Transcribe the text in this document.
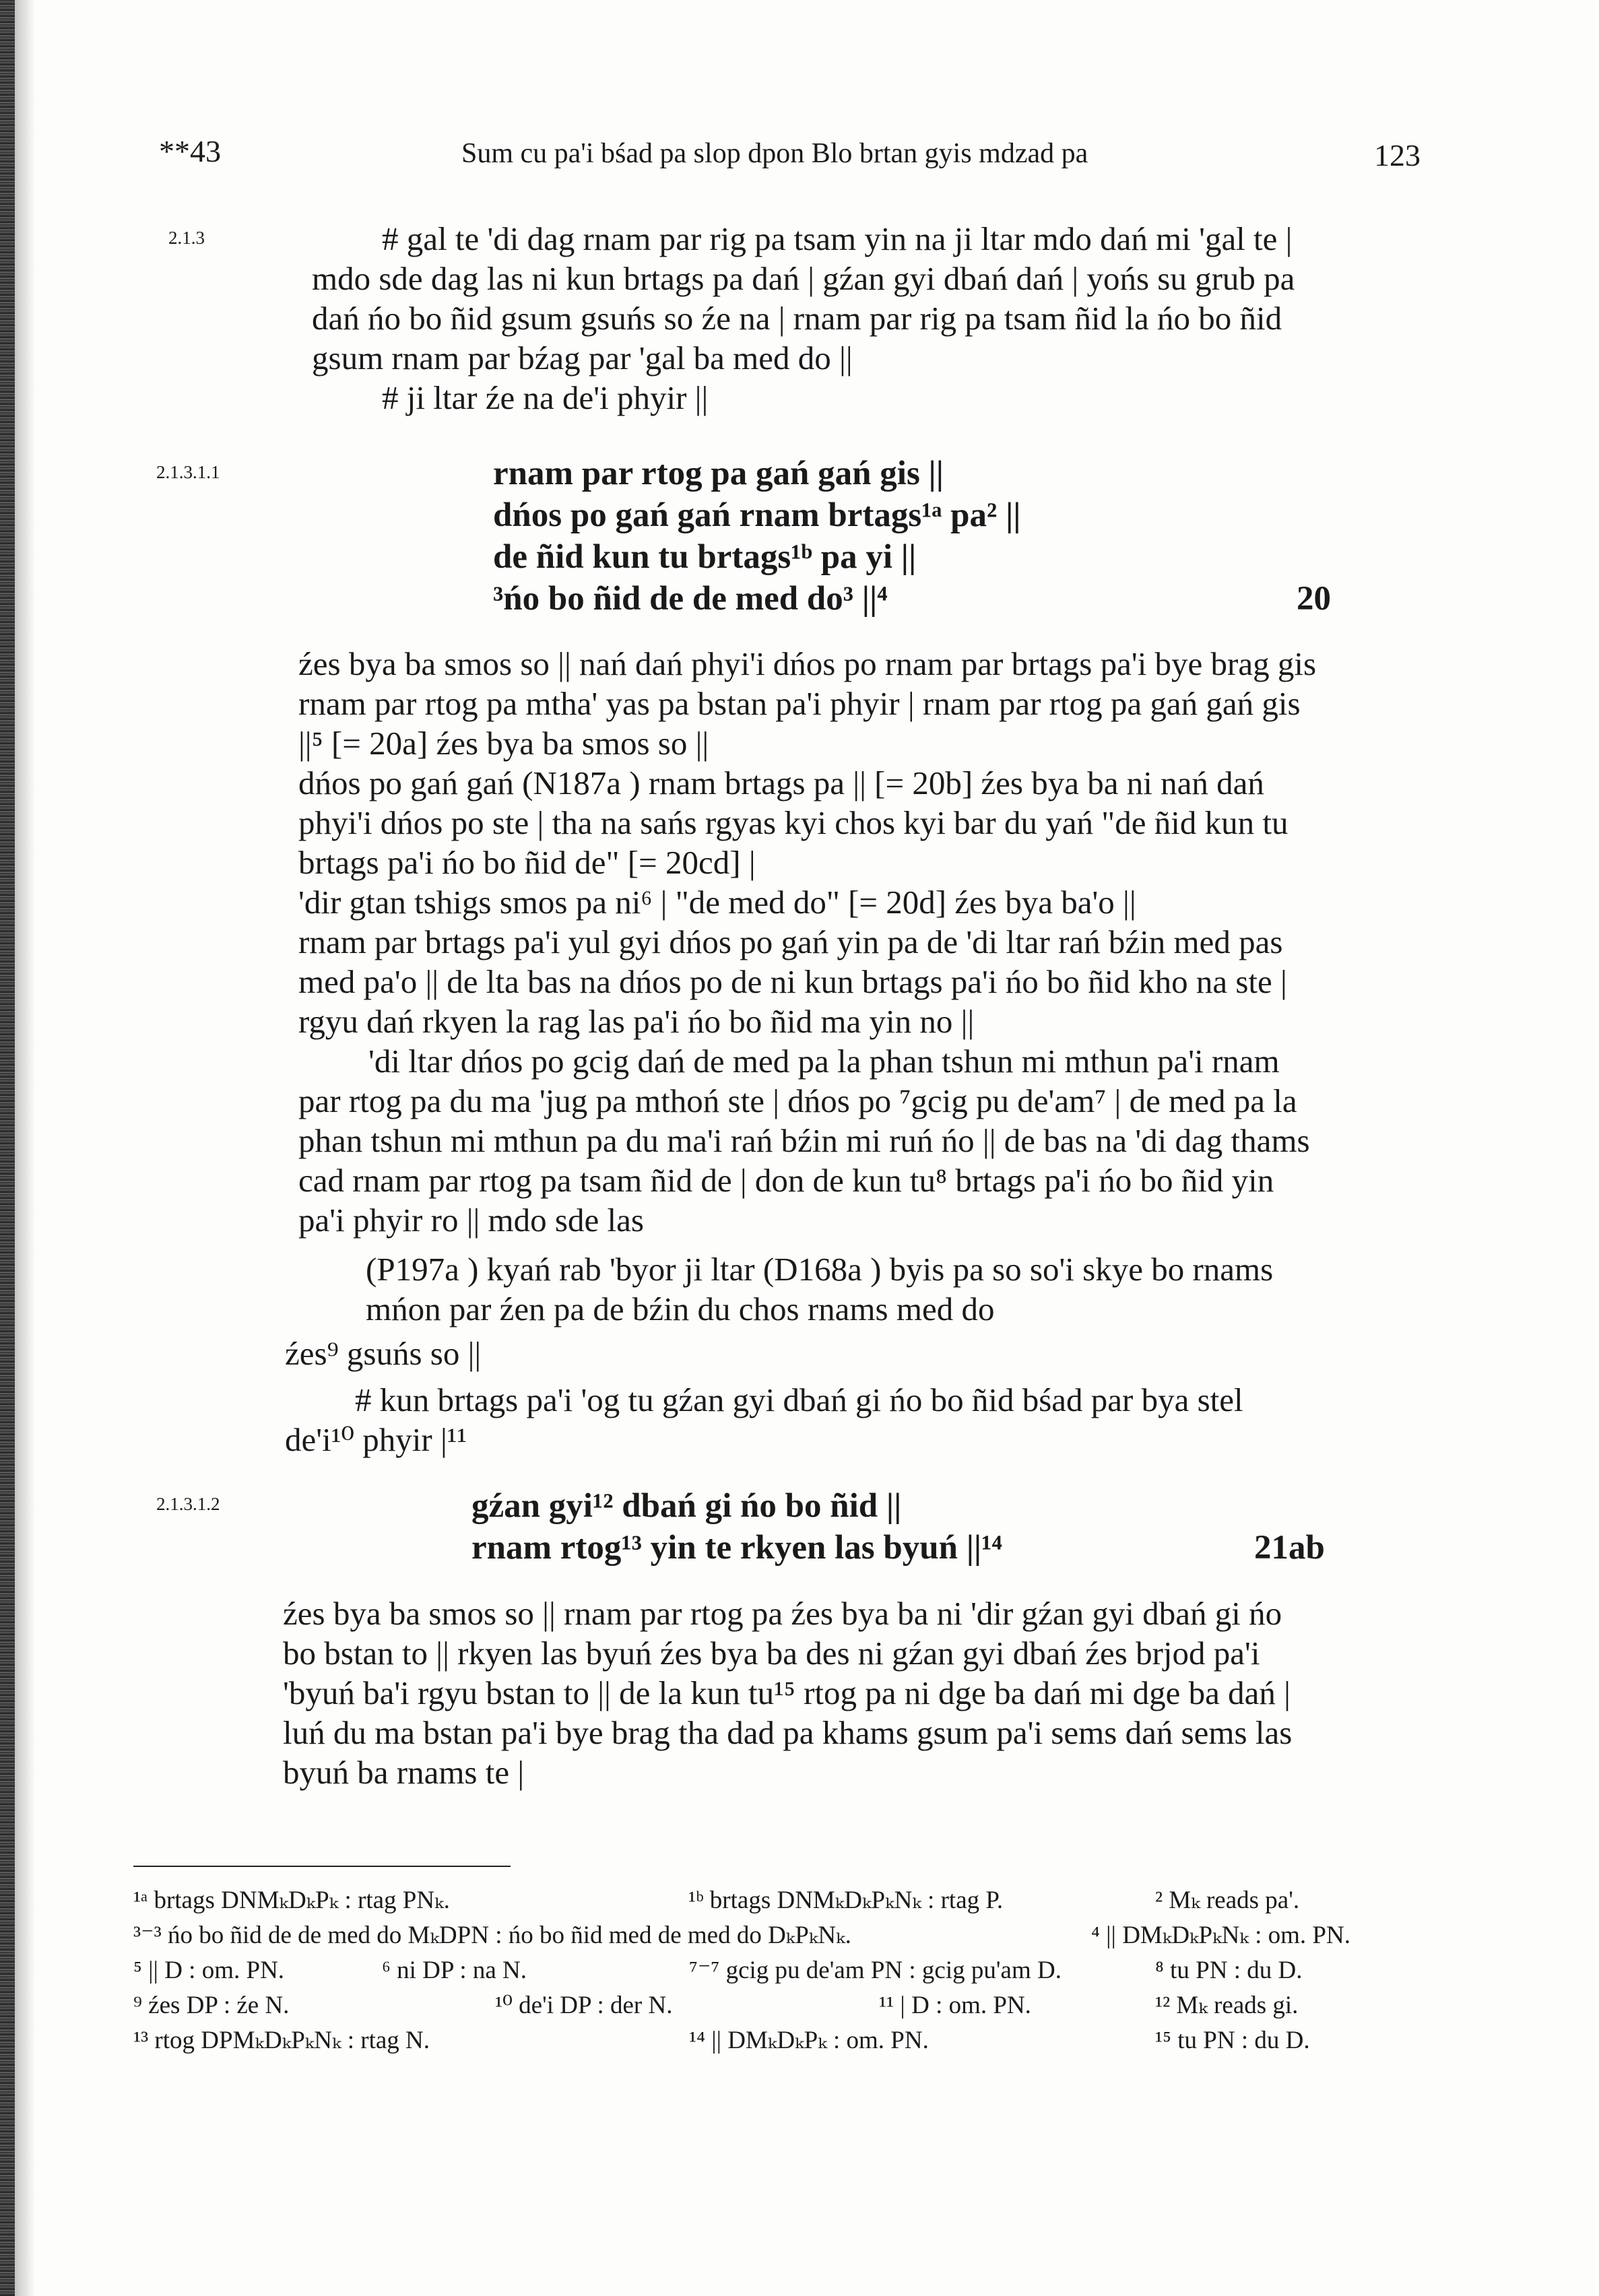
**43	Sum cu pa'i bśad pa slop dpon Blo brtan gyis mdzad pa	123
2.1.3
2.1.3.1.1
2.1.3.1.2

# gal te 'di dag rnam par rig pa tsam yin na ji ltar mdo dań mi 'gal te |

mdo sde dag las ni kun brtags pa dań | gźan gyi dbań dań | yońs su grub pa

dań ńo bo ñid gsum gsuńs so źe na | rnam par rig pa tsam ñid la ńo bo ñid

gsum rnam par bźag par 'gal ba med do ||

# ji ltar źe na de'i phyir ||

rnam par rtog pa gań gań gis ||

dńos po gań gań rnam brtags¹ᵃ pa² ||

de ñid kun tu brtags¹ᵇ pa yi ||

³ńo bo ñid de de med do³ ||⁴	20

źes bya ba smos so || nań dań phyi'i dńos po rnam par brtags pa'i bye brag gis

rnam par rtog pa mtha' yas pa bstan pa'i phyir | rnam par rtog pa gań gań gis

||⁵ [= 20a] źes bya ba smos so ||

dńos po gań gań (N187a ) rnam brtags pa || [= 20b] źes bya ba ni nań dań

phyi'i dńos po ste | tha na sańs rgyas kyi chos kyi bar du yań "de ñid kun tu

brtags pa'i ńo bo ñid de" [= 20cd] |

'dir gtan tshigs smos pa ni⁶ | "de med do" [= 20d] źes bya ba'o ||

rnam par brtags pa'i yul gyi dńos po gań yin pa de 'di ltar rań bźin med pas

med pa'o || de lta bas na dńos po de ni kun brtags pa'i ńo bo ñid kho na ste |

rgyu dań rkyen la rag las pa'i ńo bo ñid ma yin no ||

'di ltar dńos po gcig dań de med pa la phan tshun mi mthun pa'i rnam

par rtog pa du ma 'jug pa mthoń ste | dńos po ⁷gcig pu de'am⁷ | de med pa la

phan tshun mi mthun pa du ma'i rań bźin mi ruń ńo || de bas na 'di dag thams

cad rnam par rtog pa tsam ñid de | don de kun tu⁸ brtags pa'i ńo bo ñid yin

pa'i phyir ro || mdo sde las

(P197a ) kyań rab 'byor ji ltar (D168a ) byis pa so so'i skye bo rnams

mńon par źen pa de bźin du chos rnams med do

źes⁹ gsuńs so ||

# kun brtags pa'i 'og tu gźan gyi dbań gi ńo bo ñid bśad par bya stel

de'i¹⁰ phyir |¹¹

gźan gyi¹² dbań gi ńo bo ñid ||

rnam rtog¹³ yin te rkyen las byuń ||¹⁴	21ab

źes bya ba smos so || rnam par rtog pa źes bya ba ni 'dir gźan gyi dbań gi ńo

bo bstan to || rkyen las byuń źes bya ba des ni gźan gyi dbań źes brjod pa'i

'byuń ba'i rgyu bstan to || de la kun tu¹⁵ rtog pa ni dge ba dań mi dge ba dań |

luń du ma bstan pa'i bye brag tha dad pa khams gsum pa'i sems dań sems las

byuń ba rnams te |

¹ᵃ brtags DNMₖDₖPₖ : rtag PNₖ.	¹ᵇ brtags DNMₖDₖPₖNₖ : rtag P.	² Mₖ reads pa'.
³⁻³ ńo bo ñid de de med do MₖDPN : ńo bo ñid med de med do DₖPₖNₖ.	⁴ || DMₖDₖPₖNₖ : om. PN.
⁵ || D : om. PN.	⁶ ni DP : na N.	⁷⁻⁷ gcig pu de'am PN : gcig pu'am D.	⁸ tu PN : du D.
⁹ źes DP : źe N.	¹⁰ de'i DP : der N.	¹¹ | D : om. PN.	¹² Mₖ reads gi.
¹³ rtog DPMₖDₖPₖNₖ : rtag N.	¹⁴ || DMₖDₖPₖ : om. PN.	¹⁵ tu PN : du D.
